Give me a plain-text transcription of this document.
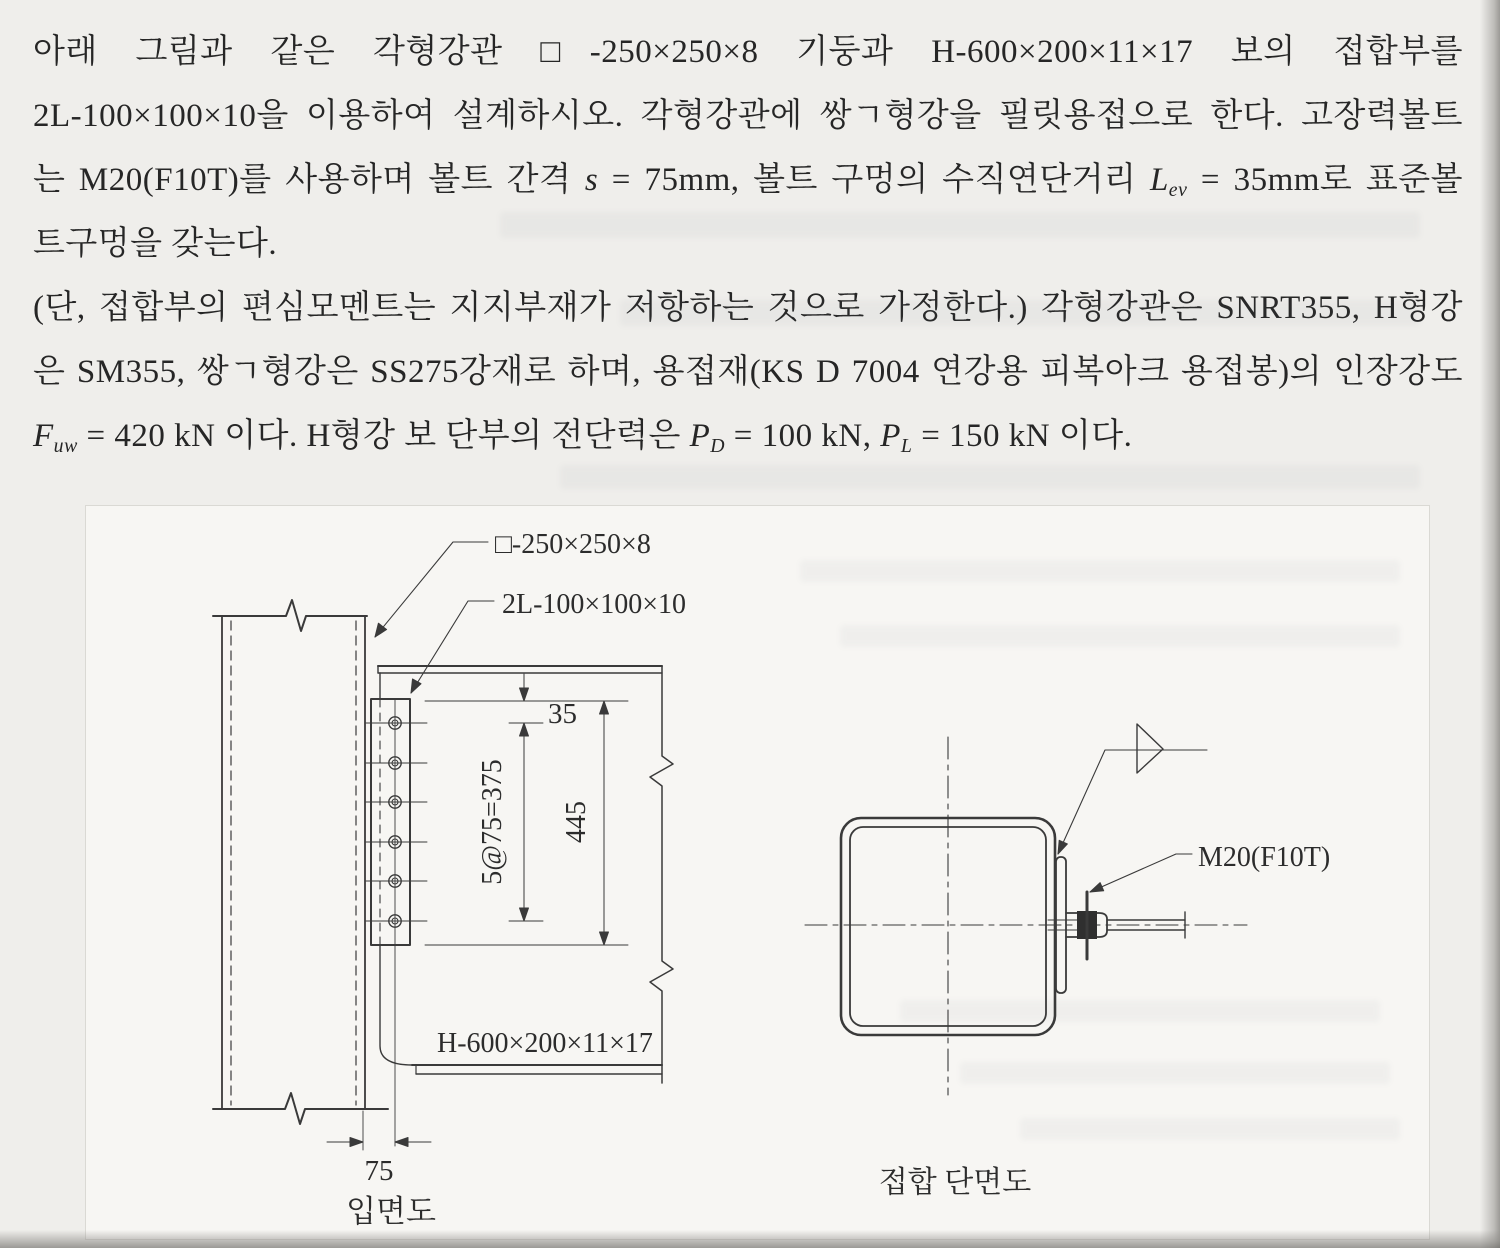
아래 그림과 같은 각형강관 □-250×250×8 기둥과 H-600×200×11×17 보의 접합부를
2L-100×100×10을 이용하여 설계하시오. 각형강관에 쌍ㄱ형강을 필릿용접으로 한다. 고장력볼트
는 M20(F10T)를 사용하며 볼트 간격 s = 75mm, 볼트 구멍의 수직연단거리 $L_{ev} = 35mm$로 표준볼
트구멍을 갖는다.
(단, 접합부의 편심모멘트는 지지부재가 저항하는 것으로 가정한다.) 각형강관은 SNRT355, H형강
은 SM355, 쌍ㄱ형강은 SS275강재로 하며, 용접재(KS D 7004 연강용 피복아크 용접봉)의 인장강도
$F_{uw} = 420$ kN 이다. H형강 보 단부의 전단력은 $P_D = 100$ kN, $P_L = 150$ kN 이다.
35
5@75=375 445
75
□-250×250×8
2L-100×100×10
H-600×200×11×17
입면도
M20(F10T)
접합 단면도
